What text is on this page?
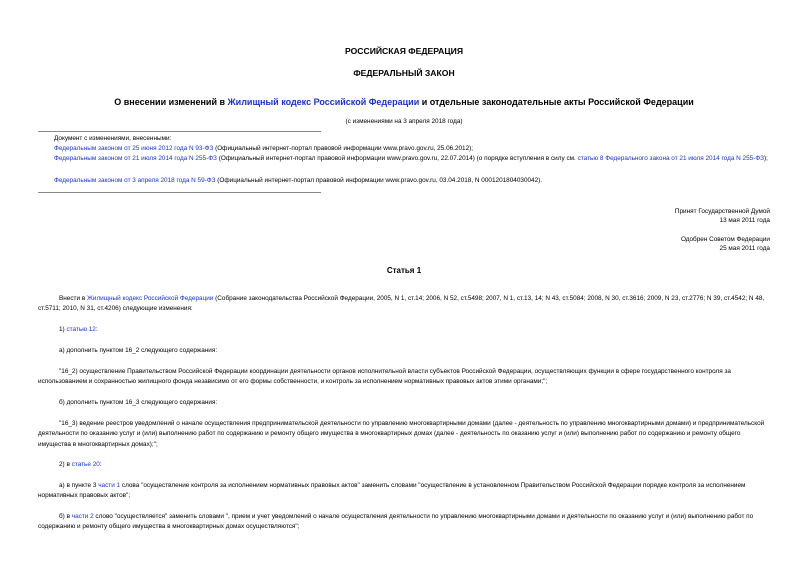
РОССИЙСКАЯ ФЕДЕРАЦИЯ
ФЕДЕРАЛЬНЫЙ ЗАКОН
О внесении изменений в Жилищный кодекс Российской Федерации и отдельные законодательные акты Российской Федерации
(с изменениями на 3 апреля 2018 года)
Документ с изменениями, внесенными:
Федеральным законом от 25 июня 2012 года N 93-ФЗ (Официальный интернет-портал правовой информации www.pravo.gov.ru, 25.06.2012);
Федеральным законом от 21 июля 2014 года N 255-ФЗ (Официальный интернет-портал правовой информации www.pravo.gov.ru, 22.07.2014) (о порядке вступления в силу см. статью 8 Федерального закона от 21 июля 2014 года N 255-ФЗ);
Федеральным законом от 3 апреля 2018 года N 59-ФЗ (Официальный интернет-портал правовой информации www.pravo.gov.ru, 03.04.2018, N 0001201804030042).
Принят Государственной Думой
13 мая 2011 года
Одобрен Советом Федерации
25 мая 2011 года
Статья 1
Внести в Жилищный кодекс Российской Федерации (Собрание законодательства Российской Федерации, 2005, N 1, ст.14; 2006, N 52, ст.5498; 2007, N 1, ст.13, 14; N 43, ст.5084; 2008, N 30, ст.3616; 2009, N 23, ст.2776; N 39, ст.4542; N 48, ст.5711; 2010, N 31, ст.4206) следующие изменения:
1) статью 12:
а) дополнить пунктом 16_2 следующего содержания:
"16_2) осуществление Правительством Российской Федерации координации деятельности органов исполнительной власти субъектов Российской Федерации, осуществляющих функции в сфере государственного контроля за использованием и сохранностью жилищного фонда независимо от его формы собственности, и контроль за исполнением нормативных правовых актов этими органами;";
б) дополнить пунктом 16_3 следующего содержания:
"16_3) ведение реестров уведомлений о начале осуществления предпринимательской деятельности по управлению многоквартирными домами (далее - деятельность по управлению многоквартирными домами) и предпринимательской деятельности по оказанию услуг и (или) выполнению работ по содержанию и ремонту общего имущества в многоквартирных домах (далее - деятельность по оказанию услуг и (или) выполнению работ по содержанию и ремонту общего имущества в многоквартирных домах);";
2) в статье 20:
а) в пункте 3 части 1 слова "осуществление контроля за исполнением нормативных правовых актов" заменить словами "осуществление в установленном Правительством Российской Федерации порядке контроля за исполнением нормативных правовых актов";
б) в части 2 слово "осуществляется" заменить словами ", прием и учет уведомлений о начале осуществления деятельности по управлению многоквартирными домами и деятельности по оказанию услуг и (или) выполнению работ по содержанию и ремонту общего имущества в многоквартирных домах осуществляются";
